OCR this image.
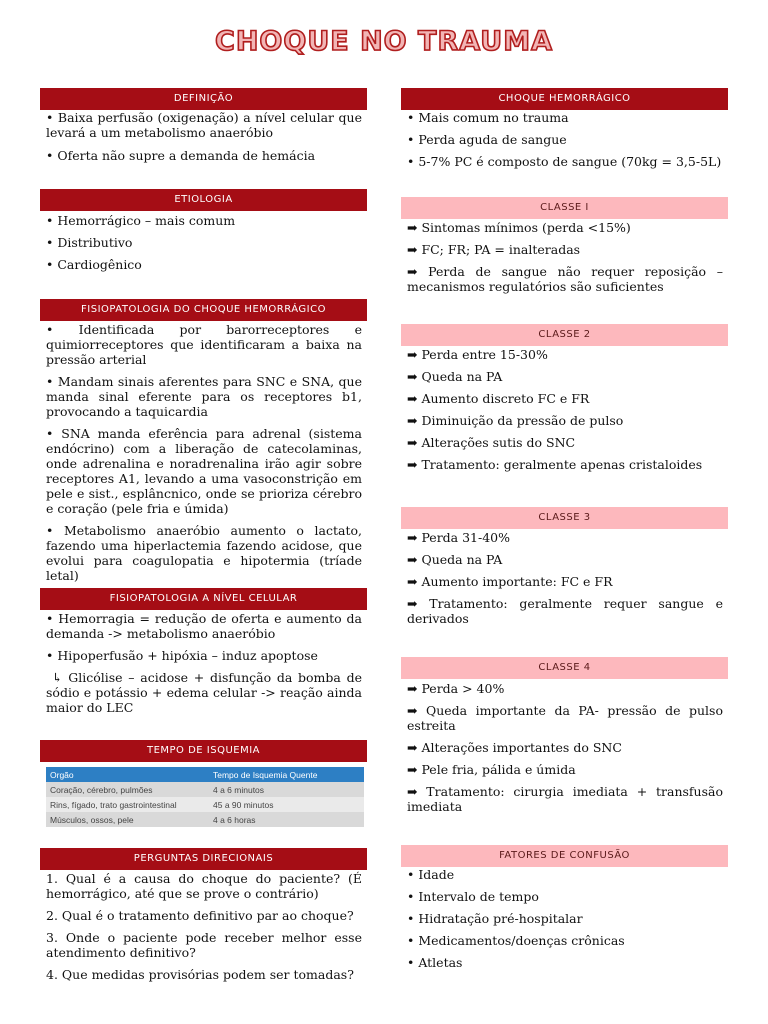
CHOQUE NO TRAUMA
DEFINIÇÃO

• Baixa perfusão (oxigenação) a nível celular que levará a um metabolismo anaeróbio

• Oferta não supre a demanda de hemácia

ETIOLOGIA

• Hemorrágico – mais comum

• Distributivo

• Cardiogênico

FISIOPATOLOGIA DO CHOQUE HEMORRÁGICO

• Identificada por barorreceptores e quimiorreceptores que identificaram a baixa na pressão arterial

• Mandam sinais aferentes para SNC e SNA, que manda sinal eferente para os receptores b1, provocando a taquicardia

• SNA manda eferência para adrenal (sistema endócrino) com a liberação de catecolaminas, onde adrenalina e noradrenalina irão agir sobre receptores A1, levando a uma vasoconstrição em pele e sist., esplâncnico, onde se prioriza cérebro e coração (pele fria e úmida)

• Metabolismo anaeróbio aumento o lactato, fazendo uma hiperlactemia fazendo acidose, que evolui para coagulopatia e hipotermia (tríade letal)

FISIOPATOLOGIA A NÍVEL CELULAR

• Hemorragia = redução de oferta e aumento da demanda -> metabolismo anaeróbio

• Hipoperfusão + hipóxia – induz apoptose

↳ Glicólise – acidose + disfunção da bomba de sódio e potássio + edema celular -> reação ainda maior do LEC

TEMPO DE ISQUEMIA
Orgão	Tempo de Isquemia Quente
Coração, cérebro, pulmões	4 a 6 minutos
Rins, fígado, trato gastrointestinal	45 a 90 minutos
Músculos, ossos, pele	4 a 6 horas
PERGUNTAS DIRECIONAIS

1. Qual é a causa do choque do paciente? (É hemorrágico, até que se prove o contrário)

2. Qual é o tratamento definitivo par ao choque?

3. Onde o paciente pode receber melhor esse atendimento definitivo?

4. Que medidas provisórias podem ser tomadas?

CHOQUE HEMORRÁGICO

• Mais comum no trauma

• Perda aguda de sangue

• 5-7% PC é composto de sangue (70kg = 3,5-5L)

CLASSE I

➡ Sintomas mínimos (perda <15%)

➡ FC; FR; PA = inalteradas

➡ Perda de sangue não requer reposição – mecanismos regulatórios são suficientes

CLASSE 2

➡ Perda entre 15-30%

➡ Queda na PA

➡ Aumento discreto FC e FR

➡ Diminuição da pressão de pulso

➡ Alterações sutis do SNC

➡ Tratamento: geralmente apenas cristaloides

CLASSE 3

➡ Perda 31-40%

➡ Queda na PA

➡ Aumento importante: FC e FR

➡ Tratamento: geralmente requer sangue e derivados

CLASSE 4

➡ Perda > 40%

➡ Queda importante da PA- pressão de pulso estreita

➡ Alterações importantes do SNC

➡ Pele fria, pálida e úmida

➡ Tratamento: cirurgia imediata + transfusão imediata

FATORES DE CONFUSÃO

• Idade

• Intervalo de tempo

• Hidratação pré-hospitalar

• Medicamentos/doenças crônicas

• Atletas
